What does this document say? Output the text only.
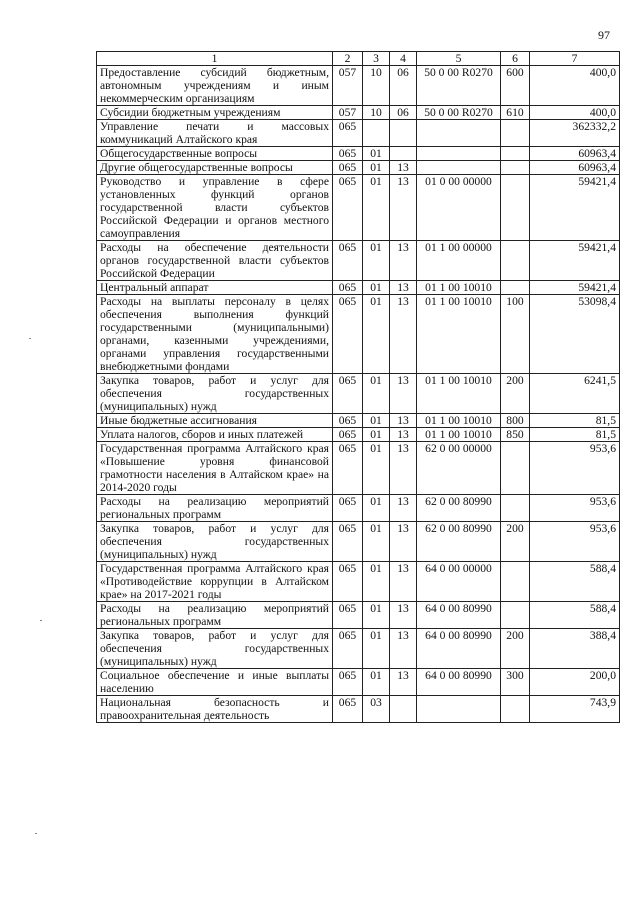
97
1	2	3	4	5	6	7
Предоставление субсидий бюджетным, автономным учреждениям и иным некоммерческим организациям	057	10	06	50 0 00 R0270	600	400,0
Субсидии бюджетным учреждениям	057	10	06	50 0 00 R0270	610	400,0
Управление печати и массовых коммуникаций Алтайского края	065					362332,2
Общегосударственные вопросы	065	01				60963,4
Другие общегосударственные вопросы	065	01	13			60963,4
Руководство и управление в сфере установленных функций органов государственной власти субъектов Российской Федерации и органов местного самоуправления	065	01	13	01 0 00 00000		59421,4
Расходы на обеспечение деятельности органов государственной власти субъектов Российской Федерации	065	01	13	01 1 00 00000		59421,4
Центральный аппарат	065	01	13	01 1 00 10010		59421,4
Расходы на выплаты персоналу в целях обеспечения выполнения функций государственными (муниципальными) органами, казенными учреждениями, органами управления государственными внебюджетными фондами	065	01	13	01 1 00 10010	100	53098,4
Закупка товаров, работ и услуг для обеспечения государственных (муниципальных) нужд	065	01	13	01 1 00 10010	200	6241,5
Иные бюджетные ассигнования	065	01	13	01 1 00 10010	800	81,5
Уплата налогов, сборов и иных платежей	065	01	13	01 1 00 10010	850	81,5
Государственная программа Алтайского края «Повышение уровня финансовой грамотности населения в Алтайском крае» на 2014-2020 годы	065	01	13	62 0 00 00000		953,6
Расходы на реализацию мероприятий региональных программ	065	01	13	62 0 00 80990		953,6
Закупка товаров, работ и услуг для обеспечения государственных (муниципальных) нужд	065	01	13	62 0 00 80990	200	953,6
Государственная программа Алтайского края «Противодействие коррупции в Алтайском крае» на 2017-2021 годы	065	01	13	64 0 00 00000		588,4
Расходы на реализацию мероприятий региональных программ	065	01	13	64 0 00 80990		588,4
Закупка товаров, работ и услуг для обеспечения государственных (муниципальных) нужд	065	01	13	64 0 00 80990	200	388,4
Социальное обеспечение и иные выплаты населению	065	01	13	64 0 00 80990	300	200,0
Национальная безопасность и правоохранительная деятельность	065	03				743,9
